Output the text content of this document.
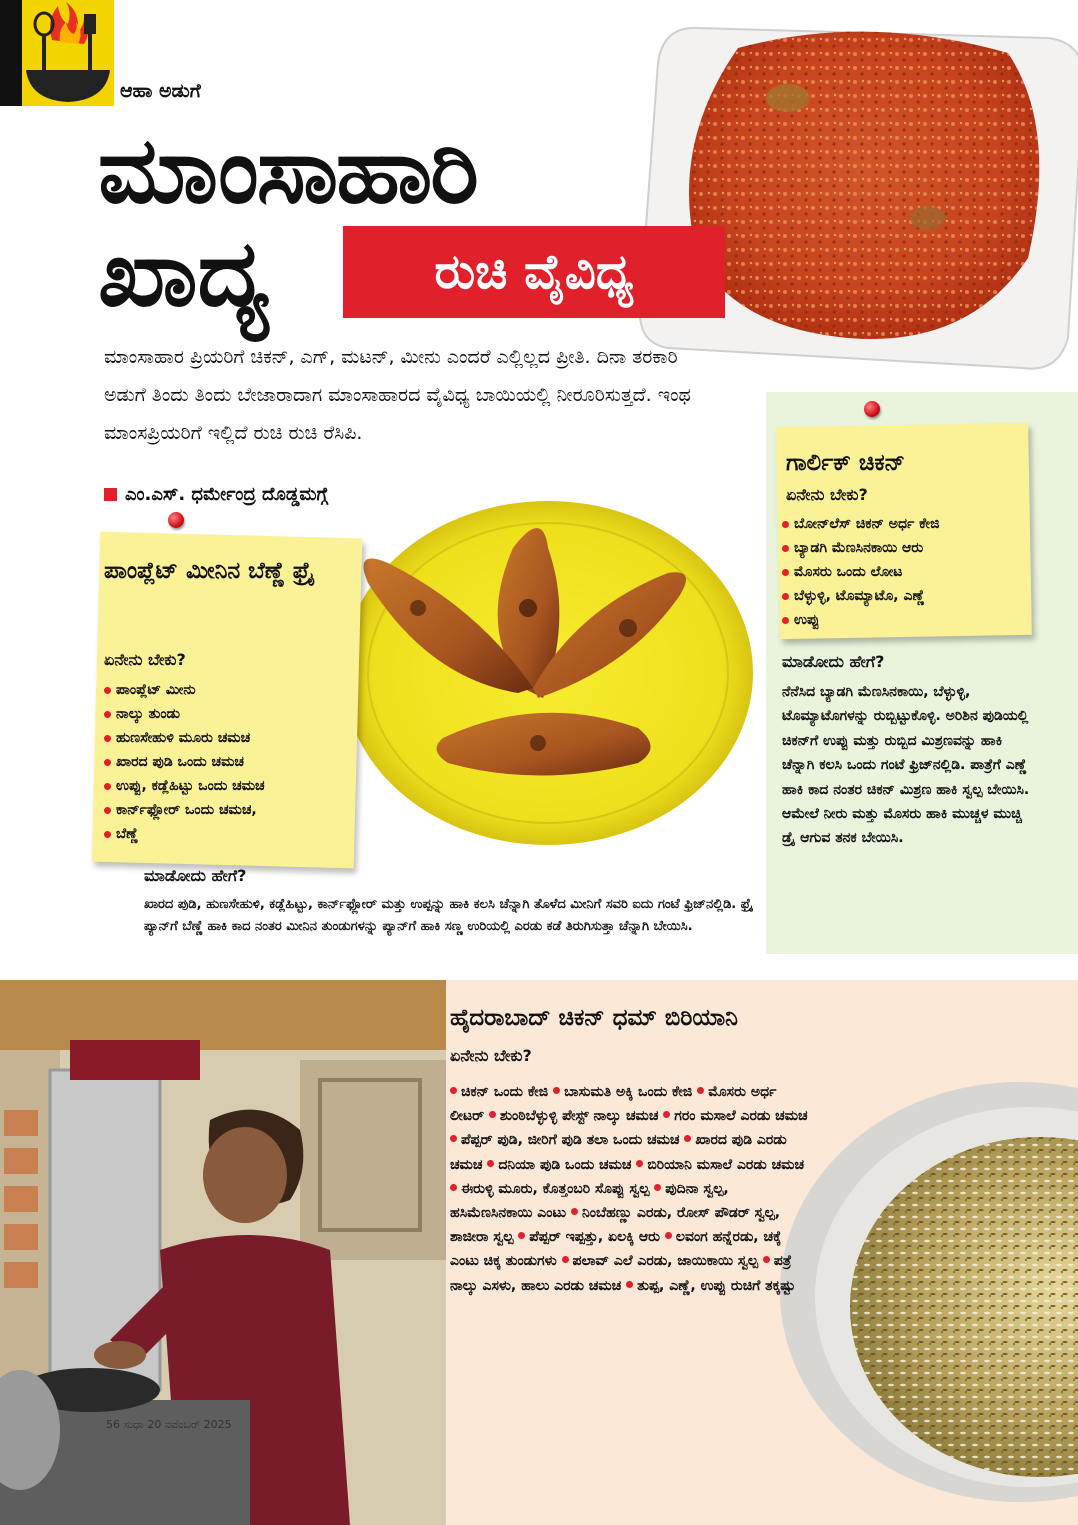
ಆಹಾ ಅಡುಗೆ
ಮಾಂಸಾಹಾರಿ
ಖಾದ್ಯ	ರುಚಿ ವೈವಿಧ್ಯ
ಮಾಂಸಾಹಾರ ಪ್ರಿಯರಿಗೆ ಚಿಕನ್, ಎಗ್, ಮಟನ್, ಮೀನು ಎಂದರೆ ಎಲ್ಲಿಲ್ಲದ ಪ್ರೀತಿ. ದಿನಾ ತರಕಾರಿ ಅಡುಗೆ ತಿಂದು ತಿಂದು ಬೇಜಾರಾದಾಗ ಮಾಂಸಾಹಾರದ ವೈವಿಧ್ಯ ಬಾಯಿಯಲ್ಲಿ ನೀರೂರಿಸುತ್ತದೆ. ಇಂಥ ಮಾಂಸಪ್ರಿಯರಿಗೆ ಇಲ್ಲಿದೆ ರುಚಿ ರುಚಿ ರೆಸಿಪಿ.
ಎಂ.ಎಸ್. ಧರ್ಮೇಂದ್ರ ದೊಡ್ಡಮಗ್ಗೆ
ಗಾರ್ಲಿಕ್ ಚಿಕನ್
ಏನೇನು ಬೇಕು?
ಬೋನ್‌ಲೆಸ್ ಚಿಕನ್ ಅರ್ಧ ಕೇಜಿ
ಬ್ಯಾಡಗಿ ಮೆಣಸಿನಕಾಯಿ ಆರು
ಮೊಸರು ಒಂದು ಲೋಟ
ಬೆಳ್ಳುಳ್ಳಿ, ಟೊಮ್ಯಾಟೊ, ಎಣ್ಣೆ
ಉಪ್ಪು
ಮಾಡೋದು ಹೇಗೆ?
ನೆನೆಸಿದ ಬ್ಯಾಡಗಿ ಮೆಣಸಿನಕಾಯಿ, ಬೆಳ್ಳುಳ್ಳಿ, ಟೊಮ್ಯಾಟೊಗಳನ್ನು ರುಬ್ಬಿಟ್ಟುಕೊಳ್ಳಿ. ಅರಿಶಿನ ಪುಡಿಯಲ್ಲಿ ಚಿಕನ್‌ಗೆ ಉಪ್ಪು ಮತ್ತು ರುಬ್ಬಿದ ಮಿಶ್ರಣವನ್ನು ಹಾಕಿ ಚೆನ್ನಾಗಿ ಕಲಸಿ ಒಂದು ಗಂಟೆ ಫ್ರಿಜ್‌ನಲ್ಲಿಡಿ. ಪಾತ್ರೆಗೆ ಎಣ್ಣೆ ಹಾಕಿ ಕಾದ ನಂತರ ಚಿಕನ್ ಮಿಶ್ರಣ ಹಾಕಿ ಸ್ವಲ್ಪ ಬೇಯಿಸಿ. ಆಮೇಲೆ ನೀರು ಮತ್ತು ಮೊಸರು ಹಾಕಿ ಮುಚ್ಚಳ ಮುಚ್ಚಿ ಡ್ರೈ ಆಗುವ ತನಕ ಬೇಯಿಸಿ.
ಪಾಂಪ್ಲೆಟ್ ಮೀನಿನ ಬೆಣ್ಣೆ ಫ್ರೈ
ಏನೇನು ಬೇಕು?
ಪಾಂಪ್ಲೆಟ್ ಮೀನು
ನಾಲ್ಕು ತುಂಡು
ಹುಣಸೇಹುಳಿ ಮೂರು ಚಮಚ
ಖಾರದ ಪುಡಿ ಒಂದು ಚಮಚ
ಉಪ್ಪು, ಕಡ್ಲೆಹಿಟ್ಟು ಒಂದು ಚಮಚ
ಕಾರ್ನ್‌ಫ್ಲೋರ್ ಒಂದು ಚಮಚ,
ಬೆಣ್ಣೆ
ಮಾಡೋದು ಹೇಗೆ?
ಖಾರದ ಪುಡಿ, ಹುಣಸೇಹುಳಿ, ಕಡ್ಲೆಹಿಟ್ಟು, ಕಾರ್ನ್‌ಫ್ಲೋರ್ ಮತ್ತು ಉಪ್ಪನ್ನು ಹಾಕಿ ಕಲಸಿ ಚೆನ್ನಾಗಿ ತೊಳೆದ ಮೀನಿಗೆ ಸವರಿ ಐದು ಗಂಟೆ ಫ್ರಿಜ್‌ನಲ್ಲಿಡಿ. ಫ್ರೈ ಪ್ಯಾನ್‌ಗೆ ಬೆಣ್ಣೆ ಹಾಕಿ ಕಾದ ನಂತರ ಮೀನಿನ ತುಂಡುಗಳನ್ನು ಪ್ಯಾನ್‌ಗೆ ಹಾಕಿ ಸಣ್ಣ ಉರಿಯಲ್ಲಿ ಎರಡು ಕಡೆ ತಿರುಗಿಸುತ್ತಾ ಚೆನ್ನಾಗಿ ಬೇಯಿಸಿ.
ಹೈದರಾಬಾದ್ ಚಿಕನ್ ಧಮ್ ಬಿರಿಯಾನಿ
ಏನೇನು ಬೇಕು?
ಚಿಕನ್ ಒಂದು ಕೇಜಿ ಬಾಸುಮತಿ ಅಕ್ಕಿ ಒಂದು ಕೇಜಿ ಮೊಸರು ಅರ್ಧ ಲೀಟರ್ ಶುಂಠಿಬೆಳ್ಳುಳ್ಳಿ ಪೇಸ್ಟ್ ನಾಲ್ಕು ಚಮಚ ಗರಂ ಮಸಾಲೆ ಎರಡು ಚಮಚ ಪೆಪ್ಪರ್ ಪುಡಿ, ಜೀರಿಗೆ ಪುಡಿ ತಲಾ ಒಂದು ಚಮಚ ಖಾರದ ಪುಡಿ ಎರಡು ಚಮಚ ದನಿಯಾ ಪುಡಿ ಒಂದು ಚಮಚ ಬಿರಿಯಾನಿ ಮಸಾಲೆ ಎರಡು ಚಮಚ ಈರುಳ್ಳಿ ಮೂರು, ಕೊತ್ತಂಬರಿ ಸೊಪ್ಪು ಸ್ವಲ್ಪ ಪುದಿನಾ ಸ್ವಲ್ಪ, ಹಸಿಮೆಣಸಿನಕಾಯಿ ಎಂಟು ನಿಂಬೆಹಣ್ಣು ಎರಡು, ರೋಸ್ ಪೌಡರ್ ಸ್ವಲ್ಪ, ಶಾಜೀರಾ ಸ್ವಲ್ಪ ಪೆಪ್ಪರ್ ಇಪ್ಪತ್ತು, ಏಲಕ್ಕಿ ಆರು ಲವಂಗ ಹನ್ನೆರಡು, ಚಕ್ಕೆ ಎಂಟು ಚಿಕ್ಕ ತುಂಡುಗಳು ಪಲಾವ್ ಎಲೆ ಎರಡು, ಜಾಯಿಕಾಯಿ ಸ್ವಲ್ಪ ಪತ್ರೆ ನಾಲ್ಕು ಎಸಳು, ಹಾಲು ಎರಡು ಚಮಚ ತುಪ್ಪ, ಎಣ್ಣೆ, ಉಪ್ಪು ರುಚಿಗೆ ತಕ್ಕಷ್ಟು
56 ಸುಧಾ 20 ನವೆಂಬರ್ 2025
